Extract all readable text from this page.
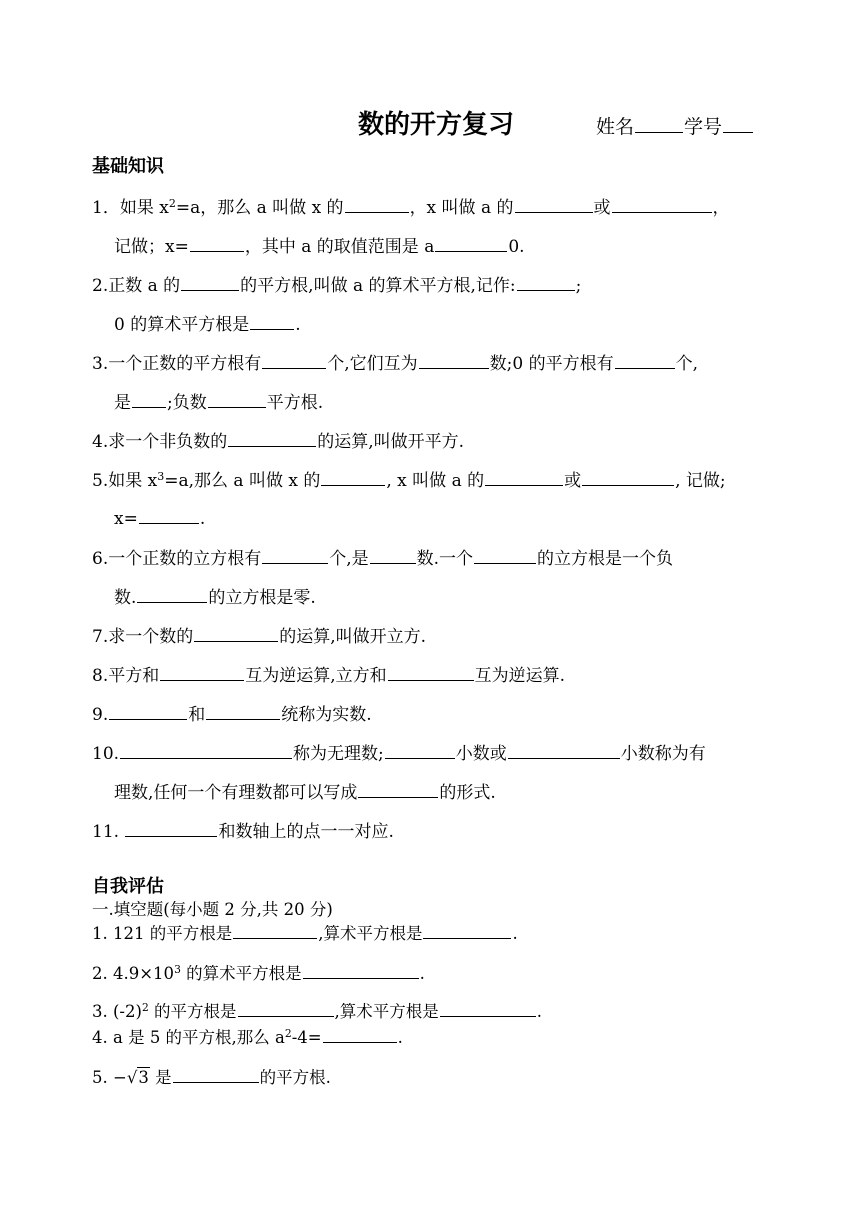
数的开方复习	姓名	学号
基础知识
1．如果 $x^2=a$，那么 a 叫做 x 的	，x 叫做 a 的	或	，
记做；x=	，其中 a 的取值范围是 a	0.
2.正数 a 的	的平方根,叫做 a 的算术平方根,记作:	;
0 的算术平方根是	.
3.一个正数的平方根有	个,它们互为	数;0 的平方根有	个,
是 ;负数	平方根.
4.求一个非负数的	的运算,叫做开平方.
5.如果 $x^3=a$,那么 a 叫做 x 的	, x 叫做 a 的	或	, 记做;
x=	.
6.一个正数的立方根有	个,是	数.一个	的立方根是一个负
数.	的立方根是零.
7.求一个数的	的运算,叫做开立方.
8.平方和	互为逆运算,立方和	互为逆运算.
9.	和	统称为实数.
10.	称为无理数;	小数或	小数称为有
理数,任何一个有理数都可以写成	的形式.
11.	和数轴上的点一一对应.
自我评估
一.填空题(每小题 2 分,共 20 分)
1. 121 的平方根是	,算术平方根是	.
2. $4.9\times 10^3$ 的算术平方根是	.
3. $(-2)^2$ 的平方根是	,算术平方根是	.
4. a 是 5 的平方根,那么 $a^2-4=$	.
5. −√3 是	的平方根.
